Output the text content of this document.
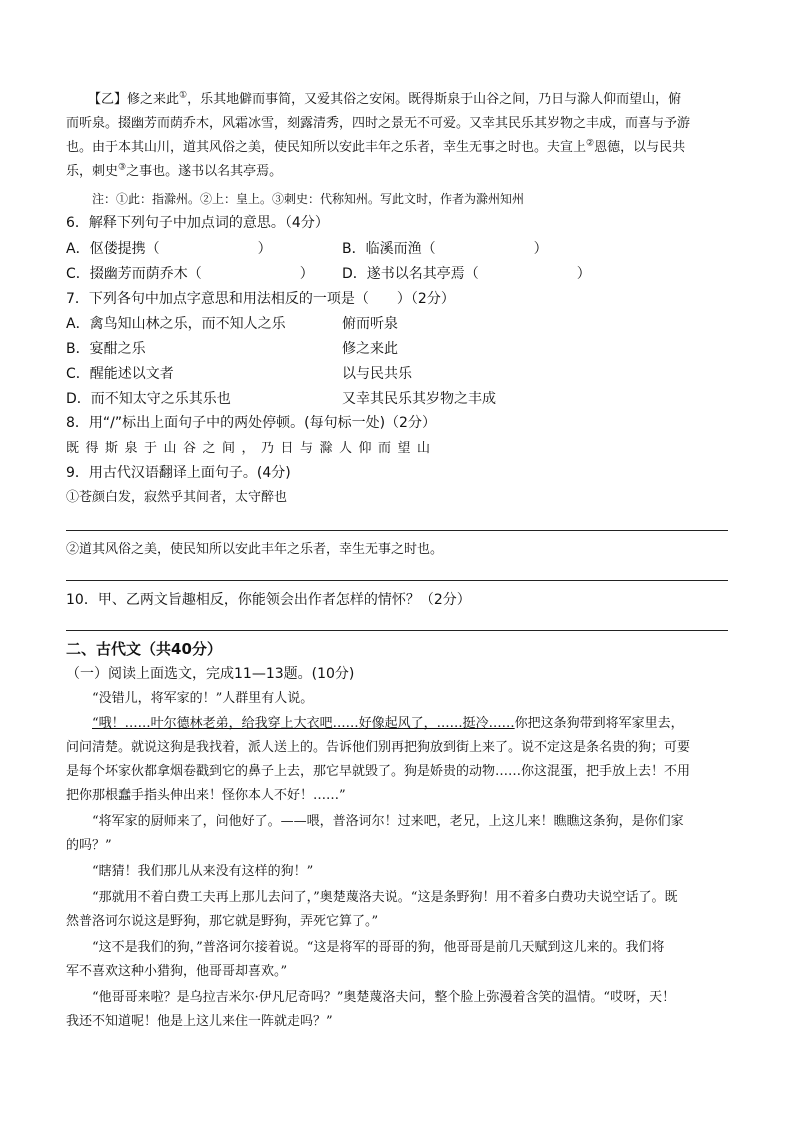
【乙】修之来此①，乐其地僻而事简，又爱其俗之安闲。既得斯泉于山谷之间，乃日与滁人仰而望山，俯
而听泉。掇幽芳而荫乔木，风霜冰雪，刻露清秀，四时之景无不可爱。又幸其民乐其岁物之丰成，而喜与予游
也。由于本其山川，道其风俗之美，使民知所以安此丰年之乐者，幸生无事之时也。夫宣上②恩德，以与民共
乐，刺史③之事也。遂书以名其亭焉。
注：①此：指滁州。②上：皇上。③刺史：代称知州。写此文时，作者为滁州知州
6．解释下列句子中加点词的意思。（4分）
A．伛偻提携（　　　　　　　）	B．临溪而渔（　　　　　　　）
C．掇幽芳而荫乔木（　　　　　　　） D．遂书以名其亭焉（　　　　　　　）
7．下列各句中加点字意思和用法相反的一项是（　　）（2分）
A．禽鸟知山林之乐，而不知人之乐	俯而听泉
B．宴酣之乐	修之来此
C．醒能述以文者	以与民共乐
D．而不知太守之乐其乐也	又幸其民乐其岁物之丰成
8．用“/”标出上面句子中的两处停顿。(每句标一处)（2分）
既得斯泉于山谷之间，乃日与滁人仰而望山
9．用古代汉语翻译上面句子。(4分)
①苍颜白发，寂然乎其间者，太守醉也
②道其风俗之美，使民知所以安此丰年之乐者，幸生无事之时也。
10．甲、乙两文旨趣相反，你能领会出作者怎样的情怀？（2分）
二、古代文（共40分）
（一）阅读上面选文，完成11—13题。(10分)
“没错儿，将军家的！”人群里有人说。
“哦！……叶尔德林老弟，给我穿上大衣吧……好像起风了，……挺冷……你把这条狗带到将军家里去，
问问清楚。就说这狗是我找着，派人送上的。告诉他们别再把狗放到街上来了。说不定这是条名贵的狗；可要
是每个坏家伙都拿烟卷戳到它的鼻子上去，那它早就毁了。狗是娇贵的动物……你这混蛋，把手放上去！不用
把你那根蠢手指头伸出来！怪你本人不好！……”
“将军家的厨师来了，问他好了。——喂，普洛诃尔！过来吧，老兄，上这儿来！瞧瞧这条狗，是你们家
的吗？”
“瞎猜！我们那儿从来没有这样的狗！”
“那就用不着白费工夫再上那儿去问了，”奥楚蔑洛夫说。“这是条野狗！用不着多白费功夫说空话了。既
然普洛诃尔说这是野狗，那它就是野狗，弄死它算了。”
“这不是我们的狗，”普洛诃尔接着说。“这是将军的哥哥的狗，他哥哥是前几天赋到这儿来的。我们将
军不喜欢这种小猎狗，他哥哥却喜欢。”
“他哥哥来啦？是乌拉吉米尔·伊凡尼奇吗？”奥楚蔑洛夫问，整个脸上弥漫着含笑的温情。“哎呀，天！
我还不知道呢！他是上这儿来住一阵就走吗？”
